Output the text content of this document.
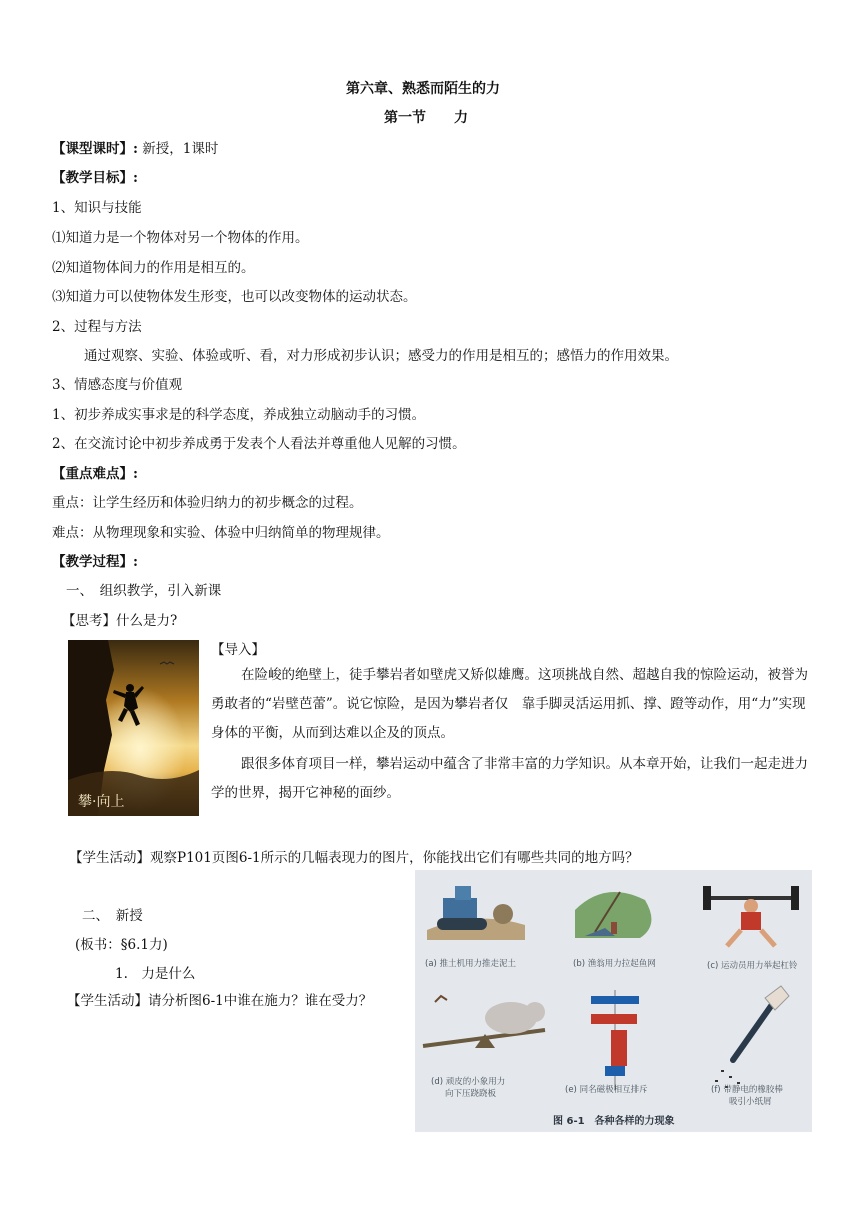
第六章、熟悉而陌生的力
第一节　　力
【课型课时】: 新授，1课时
【教学目标】:
1、知识与技能
⑴知道力是一个物体对另一个物体的作用。
⑵知道物体间力的作用是相互的。
⑶知道力可以使物体发生形变，也可以改变物体的运动状态。
2、过程与方法
通过观察、实验、体验或听、看，对力形成初步认识；感受力的作用是相互的；感悟力的作用效果。
3、情感态度与价值观
1、初步养成实事求是的科学态度，养成独立动脑动手的习惯。
2、在交流讨论中初步养成勇于发表个人看法并尊重他人见解的习惯。
【重点难点】:
重点：让学生经历和体验归纳力的初步概念的过程。
难点：从物理现象和实验、体验中归纳简单的物理规律。
【教学过程】:
一、　组织教学，引入新课
【思考】什么是力?
攀·向上
【导入】
在险峻的绝壁上，徒手攀岩者如壁虎又矫似雄鹰。这项挑战自然、超越自我的惊险运动，被誉为勇敢者的“岩壁芭蕾”。说它惊险，是因为攀岩者仅　靠手脚灵活运用抓、撑、蹬等动作，用“力”实现身体的平衡，从而到达难以企及的顶点。
跟很多体育项目一样，攀岩运动中蕴含了非常丰富的力学知识。从本章开始，让我们一起走进力学的世界，揭开它神秘的面纱。
【学生活动】观察P101页图6-1所示的几幅表现力的图片，你能找出它们有哪些共同的地方吗？
二、　新授
(板书：§6.1力)
1.　力是什么
【学生活动】请分析图6-1中谁在施力？谁在受力？
(a) 推土机用力推走泥土	(b) 渔翁用力拉起鱼网	(c) 运动员用力举起杠铃
(d) 顽皮的小象用力
向下压跷跷板	(e) 同名磁极相互排斥	(f) 带静电的橡胶棒
吸引小纸屑
图 6-1　各种各样的力现象
